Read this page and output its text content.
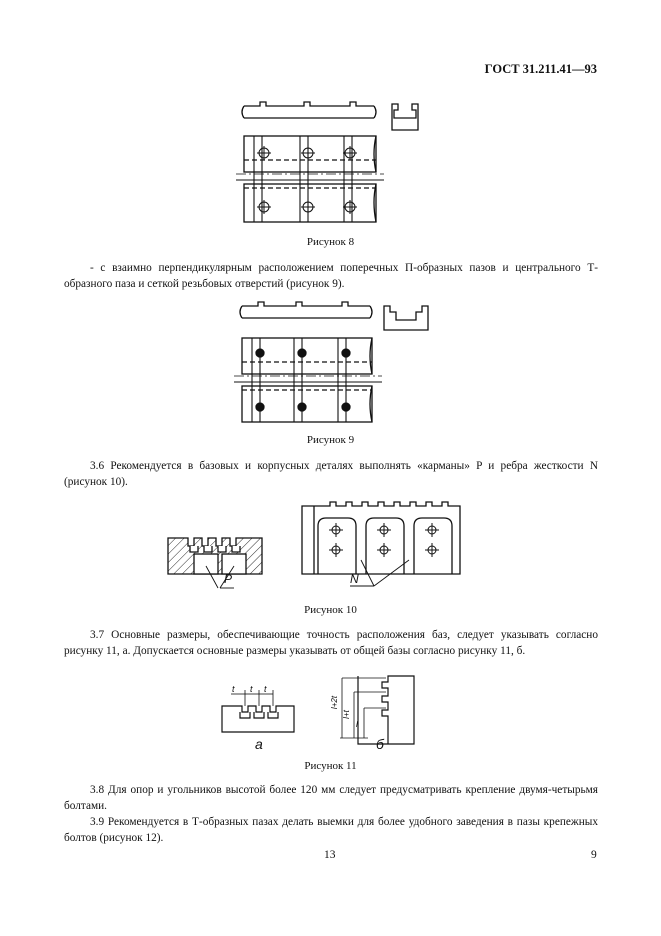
ГОСТ 31.211.41—93
Рисунок 8

- с взаимно перпендикулярным расположением поперечных П-образных пазов и центрального Т-образного паза и сеткой резьбовых отверстий (рисунок 9).

Рисунок 9

3.6 Рекомендуется в базовых и корпусных деталях выполнять «карманы» P и ребра жесткости N (рисунок 10).

P	N
Рисунок 10

3.7 Основные размеры, обеспечивающие точность расположения баз, следует указывать согласно рисунку 11, а. Допускается основные размеры указывать от общей базы согласно рисунку 11, б.

t t t
l+2t
l+t
l
а	б
Рисунок 11

3.8 Для опор и угольников высотой более 120 мм следует предусматривать крепление двумя-четырьмя болтами.

3.9 Рекомендуется в Т-образных пазах делать выемки для более удобного заведения в пазы крепежных болтов (рисунок 12).

13	9
